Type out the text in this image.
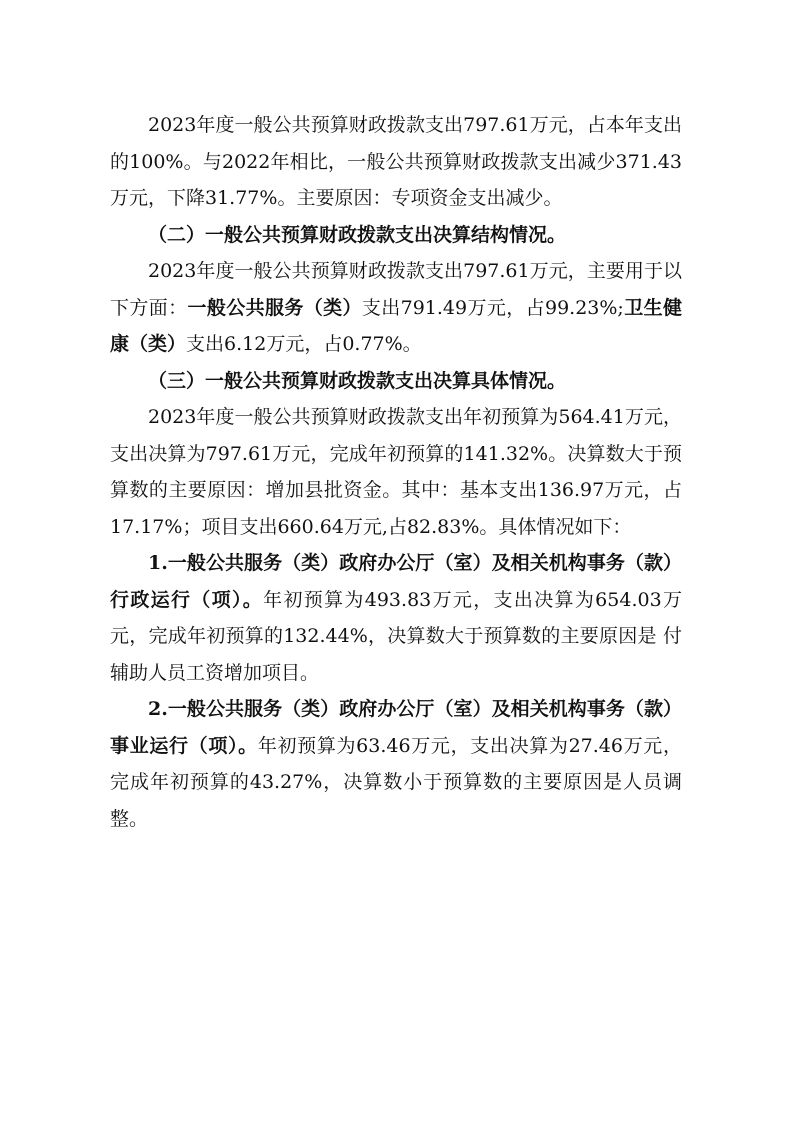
2023年度一般公共预算财政拨款支出797.61万元，占本年支出的100%。与2022年相比，一般公共预算财政拨款支出减少371.43万元，下降31.77%。主要原因：专项资金支出减少。

（二）一般公共预算财政拨款支出决算结构情况。

2023年度一般公共预算财政拨款支出797.61万元，主要用于以下方面：一般公共服务（类）支出791.49万元，占99.23%;卫生健康（类）支出6.12万元，占0.77%。

（三）一般公共预算财政拨款支出决算具体情况。

2023年度一般公共预算财政拨款支出年初预算为564.41万元，支出决算为797.61万元，完成年初预算的141.32%。决算数大于预算数的主要原因：增加县批资金。其中：基本支出136.97万元，占17.17%；项目支出660.64万元,占82.83%。具体情况如下：

1.一般公共服务（类）政府办公厅（室）及相关机构事务（款）行政运行（项）。年初预算为493.83万元，支出决算为654.03万元，完成年初预算的132.44%，决算数大于预算数的主要原因是 付辅助人员工资增加项目。

2.一般公共服务（类）政府办公厅（室）及相关机构事务（款）事业运行（项）。年初预算为63.46万元，支出决算为27.46万元，完成年初预算的43.27%，决算数小于预算数的主要原因是人员调整。
